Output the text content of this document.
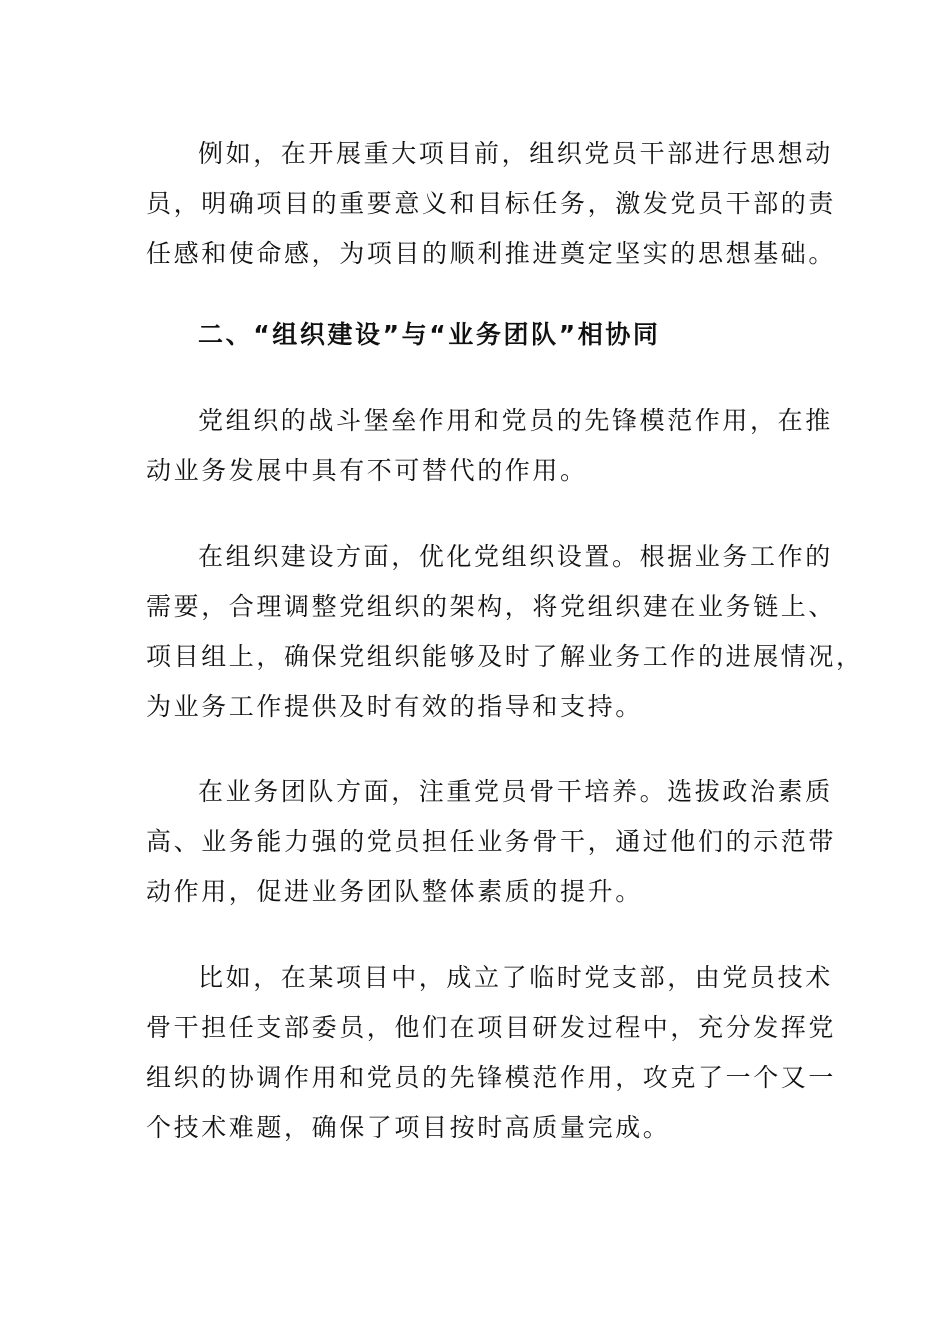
例如，在开展重大项目前，组织党员干部进行思想动
员，明确项目的重要意义和目标任务，激发党员干部的责
任感和使命感，为项目的顺利推进奠定坚实的思想基础。
二、“组织建设”与“业务团队”相协同
党组织的战斗堡垒作用和党员的先锋模范作用，在推
动业务发展中具有不可替代的作用。
在组织建设方面，优化党组织设置。根据业务工作的
需要，合理调整党组织的架构，将党组织建在业务链上、
项目组上，确保党组织能够及时了解业务工作的进展情况，
为业务工作提供及时有效的指导和支持。
在业务团队方面，注重党员骨干培养。选拔政治素质
高、业务能力强的党员担任业务骨干，通过他们的示范带
动作用，促进业务团队整体素质的提升。
比如，在某项目中，成立了临时党支部，由党员技术
骨干担任支部委员，他们在项目研发过程中，充分发挥党
组织的协调作用和党员的先锋模范作用，攻克了一个又一
个技术难题，确保了项目按时高质量完成。
